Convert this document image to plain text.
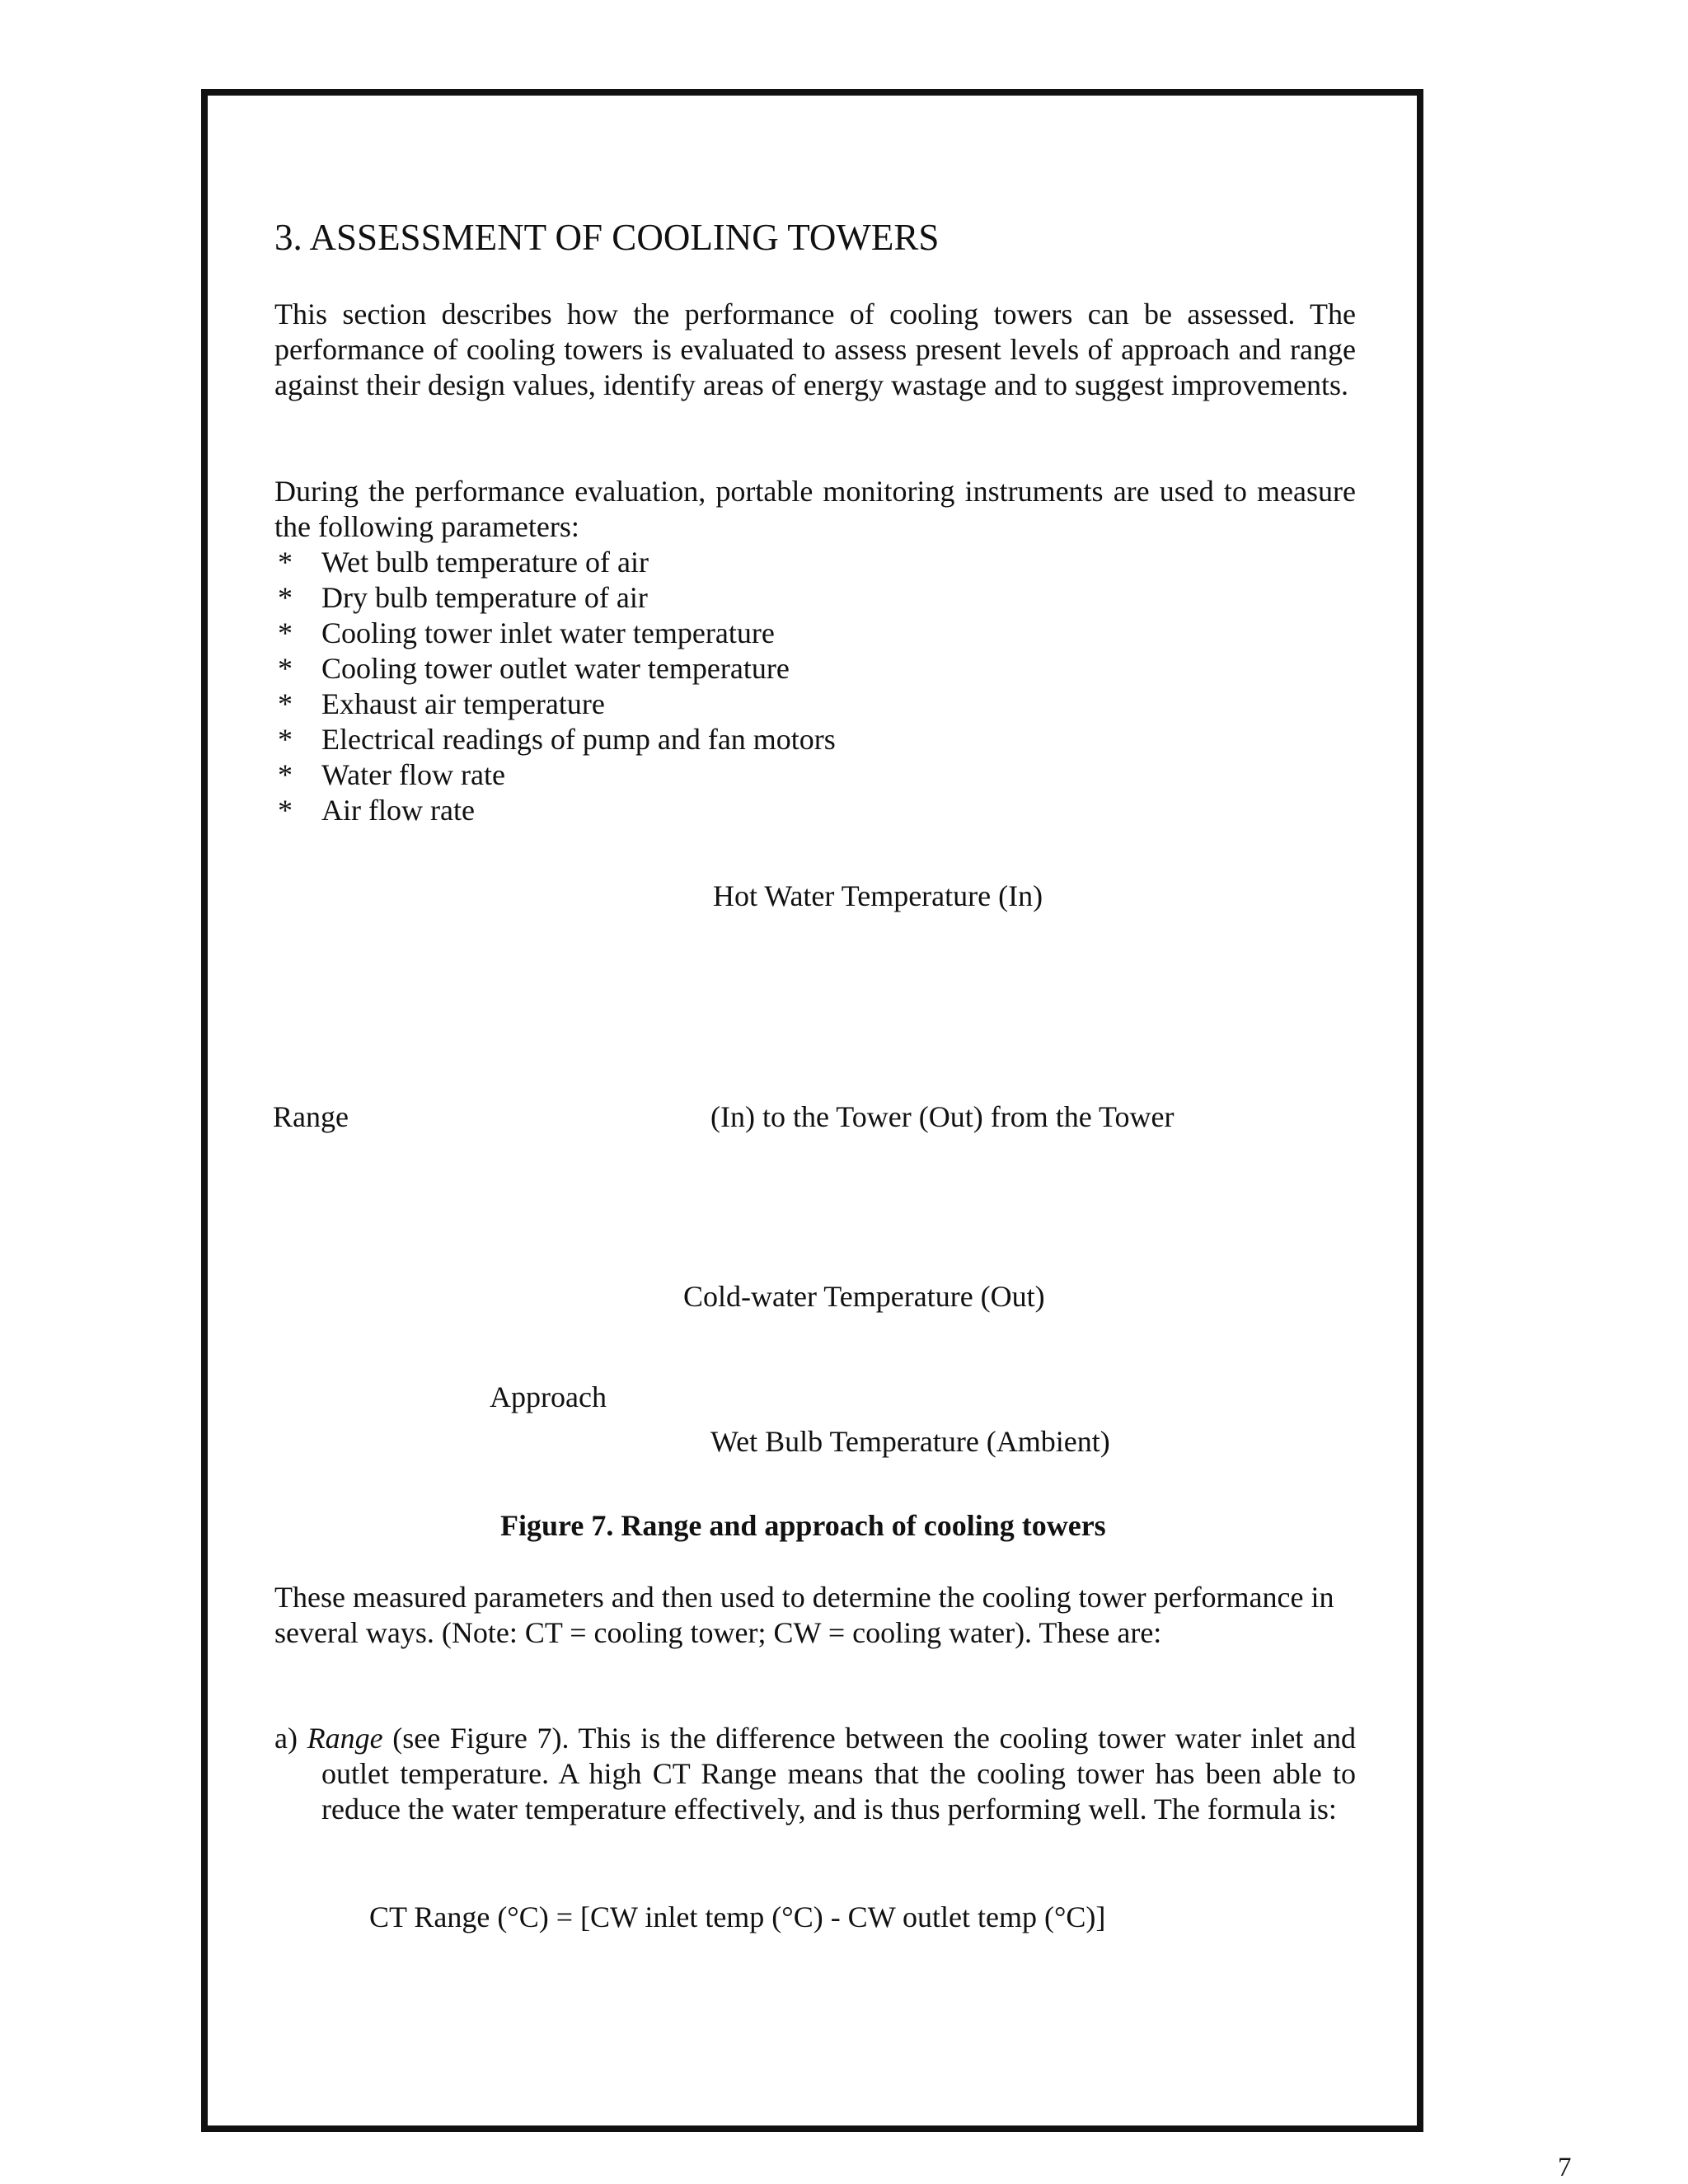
3. ASSESSMENT OF COOLING TOWERS
This section describes how the performance of cooling towers can be assessed. The performance of cooling towers is evaluated to assess present levels of approach and range against their design values, identify areas of energy wastage and to suggest improvements.
During the performance evaluation, portable monitoring instruments are used to measure the following parameters:
* Wet bulb temperature of air
* Dry bulb temperature of air
* Cooling tower inlet water temperature
* Cooling tower outlet water temperature
* Exhaust air temperature
* Electrical readings of pump and fan motors
* Water flow rate
* Air flow rate
Hot Water Temperature (In)
Range	(In) to the Tower (Out) from the Tower
Cold-water Temperature (Out)
Approach
Wet Bulb Temperature (Ambient)
Figure 7. Range and approach of cooling towers
These measured parameters and then used to determine the cooling tower performance in several ways. (Note: CT = cooling tower; CW = cooling water). These are:
a) Range (see Figure 7). This is the difference between the cooling tower water inlet and outlet temperature. A high CT Range means that the cooling tower has been able to reduce the water temperature effectively, and is thus performing well. The formula is:
CT Range (°C) = [CW inlet temp (°C) - CW outlet temp (°C)]
7
